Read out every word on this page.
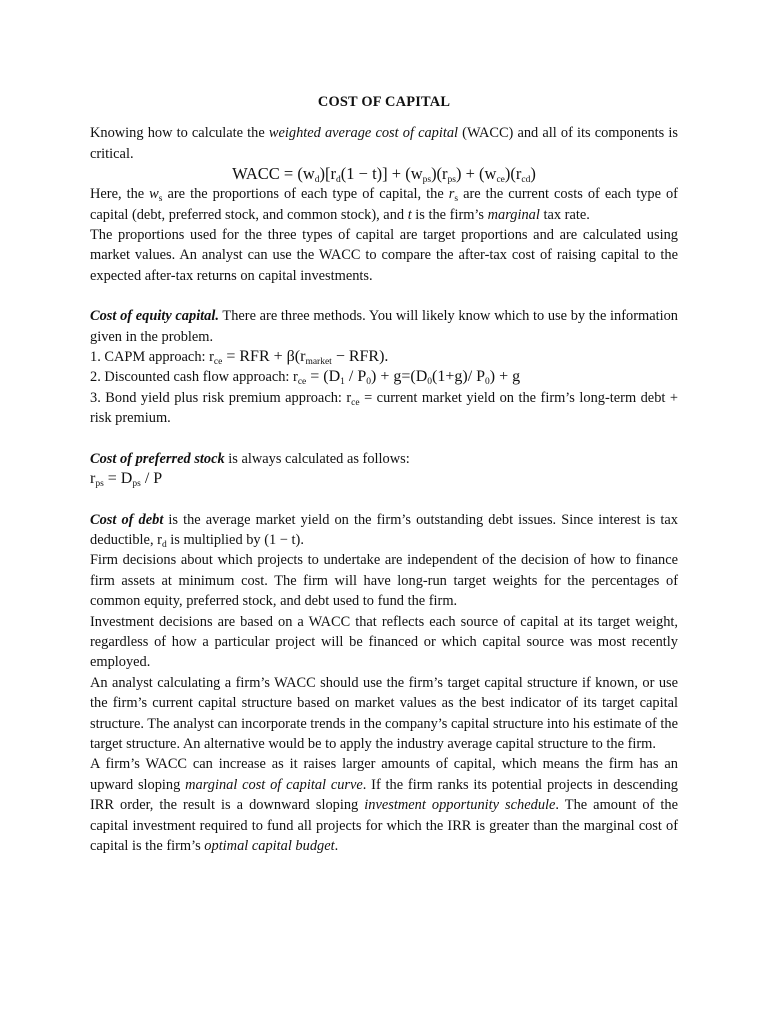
COST OF CAPITAL

Knowing how to calculate the weighted average cost of capital (WACC) and all of its components is critical.

WACC = $(w_d)[r_d(1 - t)] + (w_{ps})(r_{ps}) + (w_{ce})(r_{cd})$

Here, the $w_s$ are the proportions of each type of capital, the $r_s$ are the current costs of each type of capital (debt, preferred stock, and common stock), and t is the firm’s marginal tax rate.

The proportions used for the three types of capital are target proportions and are calculated using market values. An analyst can use the WACC to compare the after-tax cost of raising capital to the expected after-tax returns on capital investments.

Cost of equity capital. There are three methods. You will likely know which to use by the information given in the problem.

1. CAPM approach: $r_{ce}$ = RFR + $\beta(r_{market} - RFR)$.

2. Discounted cash flow approach: $r_{ce} = (D_1 / P_0) + g=(D_0(1+g)/$ $P_0) + g$

3. Bond yield plus risk premium approach: $r_{ce}$ = current market yield on the firm’s long-term debt + risk premium.

Cost of preferred stock is always calculated as follows:

$r_{ps} = D_{ps} / P$

Cost of debt is the average market yield on the firm’s outstanding debt issues. Since interest is tax deductible, $r_d$ is multiplied by (1 − t).

Firm decisions about which projects to undertake are independent of the decision of how to finance firm assets at minimum cost. The firm will have long-run target weights for the percentages of common equity, preferred stock, and debt used to fund the firm.

Investment decisions are based on a WACC that reflects each source of capital at its target weight, regardless of how a particular project will be financed or which capital source was most recently employed.

An analyst calculating a firm’s WACC should use the firm’s target capital structure if known, or use the firm’s current capital structure based on market values as the best indicator of its target capital structure. The analyst can incorporate trends in the company’s capital structure into his estimate of the target structure. An alternative would be to apply the industry average capital structure to the firm.

A firm’s WACC can increase as it raises larger amounts of capital, which means the firm has an upward sloping marginal cost of capital curve. If the firm ranks its potential projects in descending IRR order, the result is a downward sloping investment opportunity schedule. The amount of the capital investment required to fund all projects for which the IRR is greater than the marginal cost of capital is the firm’s optimal capital budget.
